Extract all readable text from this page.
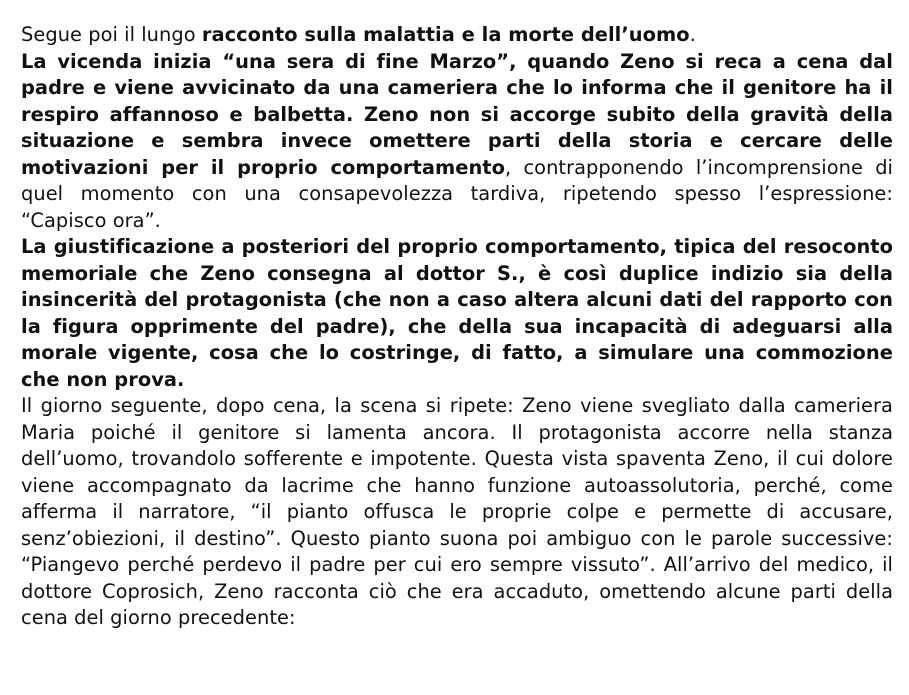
Segue poi il lungo racconto sulla malattia e la morte dell’uomo.

La vicenda inizia “una sera di fine Marzo”, quando Zeno si reca a cena dal padre e viene avvicinato da una cameriera che lo informa che il genitore ha il respiro affannoso e balbetta. Zeno non si accorge subito della gravità della situazione e sembra invece omettere parti della storia e cercare delle motivazioni per il proprio comportamento, contrapponendo l’incomprensione di quel momento con una consapevolezza tardiva, ripetendo spesso l’espressione: “Capisco ora”.

La giustificazione a posteriori del proprio comportamento, tipica del resoconto memoriale che Zeno consegna al dottor S., è così duplice indizio sia della insincerità del protagonista (che non a caso altera alcuni dati del rapporto con la figura opprimente del padre), che della sua incapacità di adeguarsi alla morale vigente, cosa che lo costringe, di fatto, a simulare una commozione che non prova.

Il giorno seguente, dopo cena, la scena si ripete: Zeno viene svegliato dalla cameriera Maria poiché il genitore si lamenta ancora. Il protagonista accorre nella stanza dell’uomo, trovandolo sofferente e impotente. Questa vista spaventa Zeno, il cui dolore viene accompagnato da lacrime che hanno funzione autoassolutoria, perché, come afferma il narratore, “il pianto offusca le proprie colpe e permette di accusare, senz’obiezioni, il destino”. Questo pianto suona poi ambiguo con le parole successive: “Piangevo perché perdevo il padre per cui ero sempre vissuto”. All’arrivo del medico, il dottore Coprosich, Zeno racconta ciò che era accaduto, omettendo alcune parti della cena del giorno precedente:
